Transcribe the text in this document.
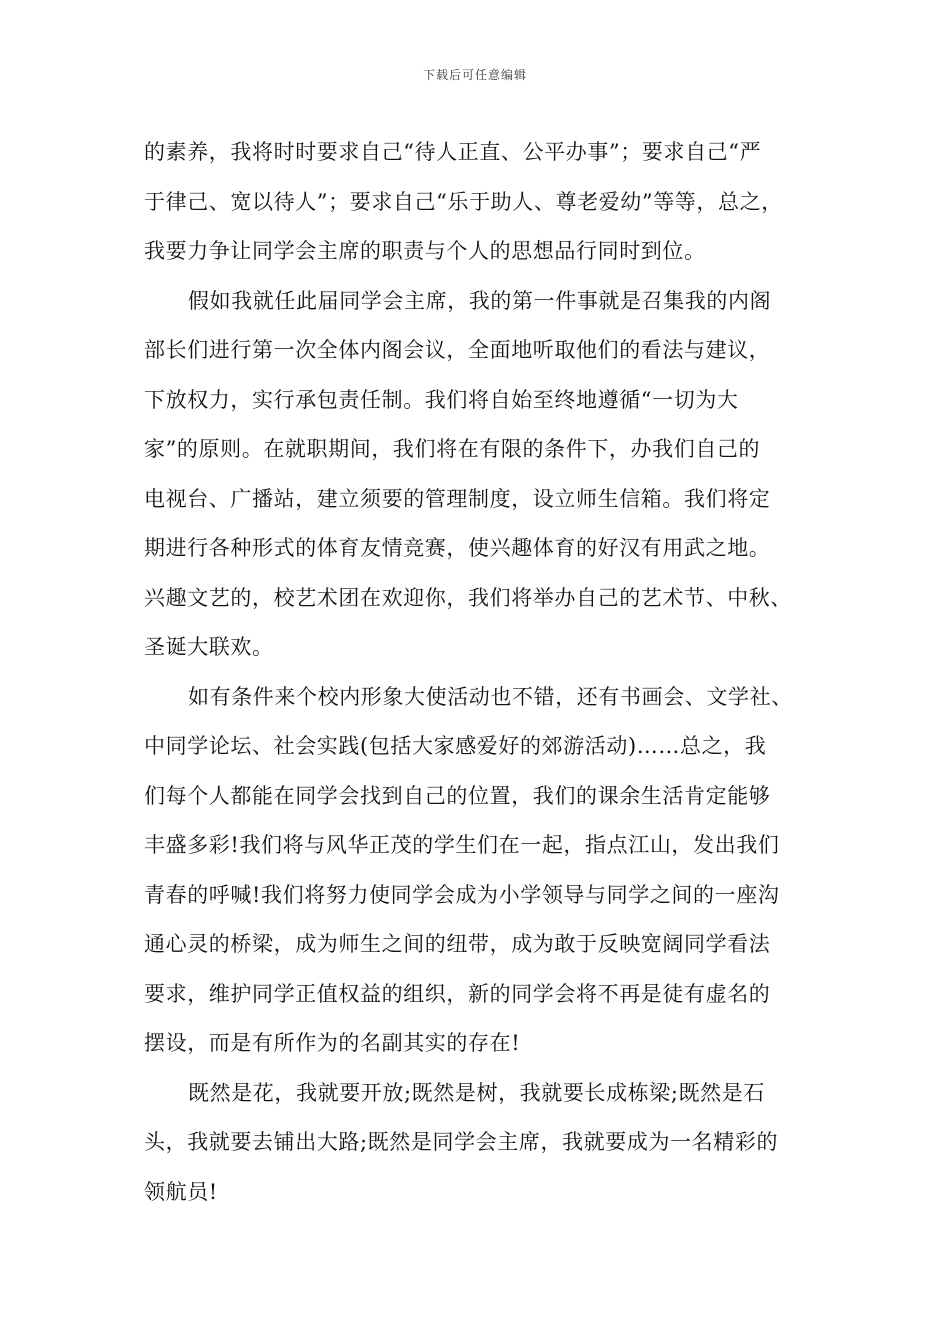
下载后可任意编辑
的素养，我将时时要求自己“待人正直、公平办事”；要求自己“严
于律己、宽以待人”；要求自己“乐于助人、尊老爱幼”等等，总之，
我要力争让同学会主席的职责与个人的思想品行同时到位。
假如我就任此届同学会主席，我的第一件事就是召集我的内阁
部长们进行第一次全体内阁会议，全面地听取他们的看法与建议，
下放权力，实行承包责任制。我们将自始至终地遵循“一切为大
家”的原则。在就职期间，我们将在有限的条件下，办我们自己的
电视台、广播站，建立须要的管理制度，设立师生信箱。我们将定
期进行各种形式的体育友情竞赛，使兴趣体育的好汉有用武之地。
兴趣文艺的，校艺术团在欢迎你，我们将举办自己的艺术节、中秋、
圣诞大联欢。
如有条件来个校内形象大使活动也不错，还有书画会、文学社、
中同学论坛、社会实践(包括大家感爱好的郊游活动)……总之，我
们每个人都能在同学会找到自己的位置，我们的课余生活肯定能够
丰盛多彩!我们将与风华正茂的学生们在一起，指点江山，发出我们
青春的呼喊!我们将努力使同学会成为小学领导与同学之间的一座沟
通心灵的桥梁，成为师生之间的纽带，成为敢于反映宽阔同学看法
要求，维护同学正值权益的组织，新的同学会将不再是徒有虚名的
摆设，而是有所作为的名副其实的存在!
既然是花，我就要开放;既然是树，我就要长成栋梁;既然是石
头，我就要去铺出大路;既然是同学会主席，我就要成为一名精彩的
领航员!
